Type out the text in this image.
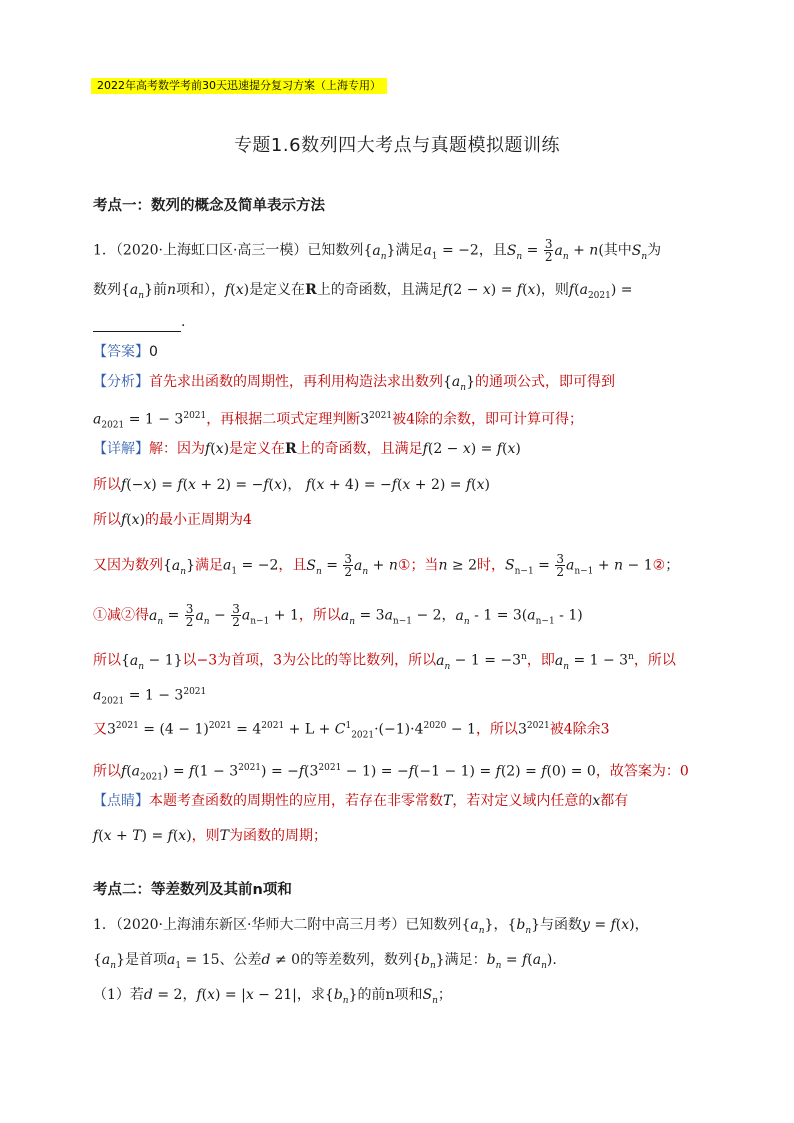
2022年高考数学考前30天迅速提分复习方案（上海专用）
专题1.6数列四大考点与真题模拟题训练
考点一：数列的概念及简单表示方法
1．（2020·上海虹口区·高三一模）已知数列$\{a_n\}$满足$a_1 = -2$，且$S_n = \frac{3}{2} a_n + n$(其中$S_n$为
数列$\{a_n\}$前n项和），f(x)是定义在R上的奇函数，且满足f(2 − x) = f(x)，则$f(a_{2021})$ =
.
【答案】0
【分析】首先求出函数的周期性，再利用构造法求出数列$\{a_n\}$的通项公式，即可得到
$a_{2021} = 1 - 3^{2021}$，再根据二项式定理判断$3^{2021}$被4除的余数，即可计算可得；
【详解】解：因为f(x)是定义在R上的奇函数，且满足f(2 − x) = f(x)
所以f(−x) = f(x + 2) = −f(x)， f(x + 4) = −f(x + 2) = f(x)
所以f(x)的最小正周期为4
又因为数列$\{a_n\}$满足$a_1 = -2$，且$S_n = \frac{3}{2} a_n$ + n①；当n ≥ 2时，$S_{n-1} = \frac{3}{2} a_{n-1} + n$ − 1②；
①减②得$a_n = \frac{3}{2} a_n - \frac{3}{2} a_{n-1} + 1$，所以$a_n = 3a_{n-1} - 2$，$a_n - 1 = 3(a_{n-1} - 1)$
所以$\{a_n - 1\}$以−3为首项，3为公比的等比数列，所以$a_n - 1 = -3^n$，即$a_n = 1 - 3^n$，所以
$a_{2021} = 1 - 3^{2021}$
又$3^{2021} = (4 - 1)^{2021} = 4^{2021} + L + C^1_{2021}\cdot(-1)\cdot 4^{2020} - 1$，所以$3^{2021}$被4除余3
所以$f(a_{2021}) = f(1 - 3^{2021}) = -f(3^{2021} - 1) = -f(-1 - 1) = f(2) = f(0) = 0$，故答案为：0
【点睛】本题考查函数的周期性的应用，若存在非零常数T，若对定义域内任意的x都有
f(x + T) = f(x)，则T为函数的周期；
考点二：等差数列及其前n项和
1．（2020·上海浦东新区·华师大二附中高三月考）已知数列$\{a_n\}$，$\{b_n\}$与函数y = f(x)，
$\{a_n\}$是首项$a_1 = 15$、公差d ≠ 0的等差数列，数列$\{b_n\}$满足：$b_n = f(a_n)$.
（1）若d = 2，f(x) = |x − 21|，求$\{b_n\}$的前n项和$S_n$；
